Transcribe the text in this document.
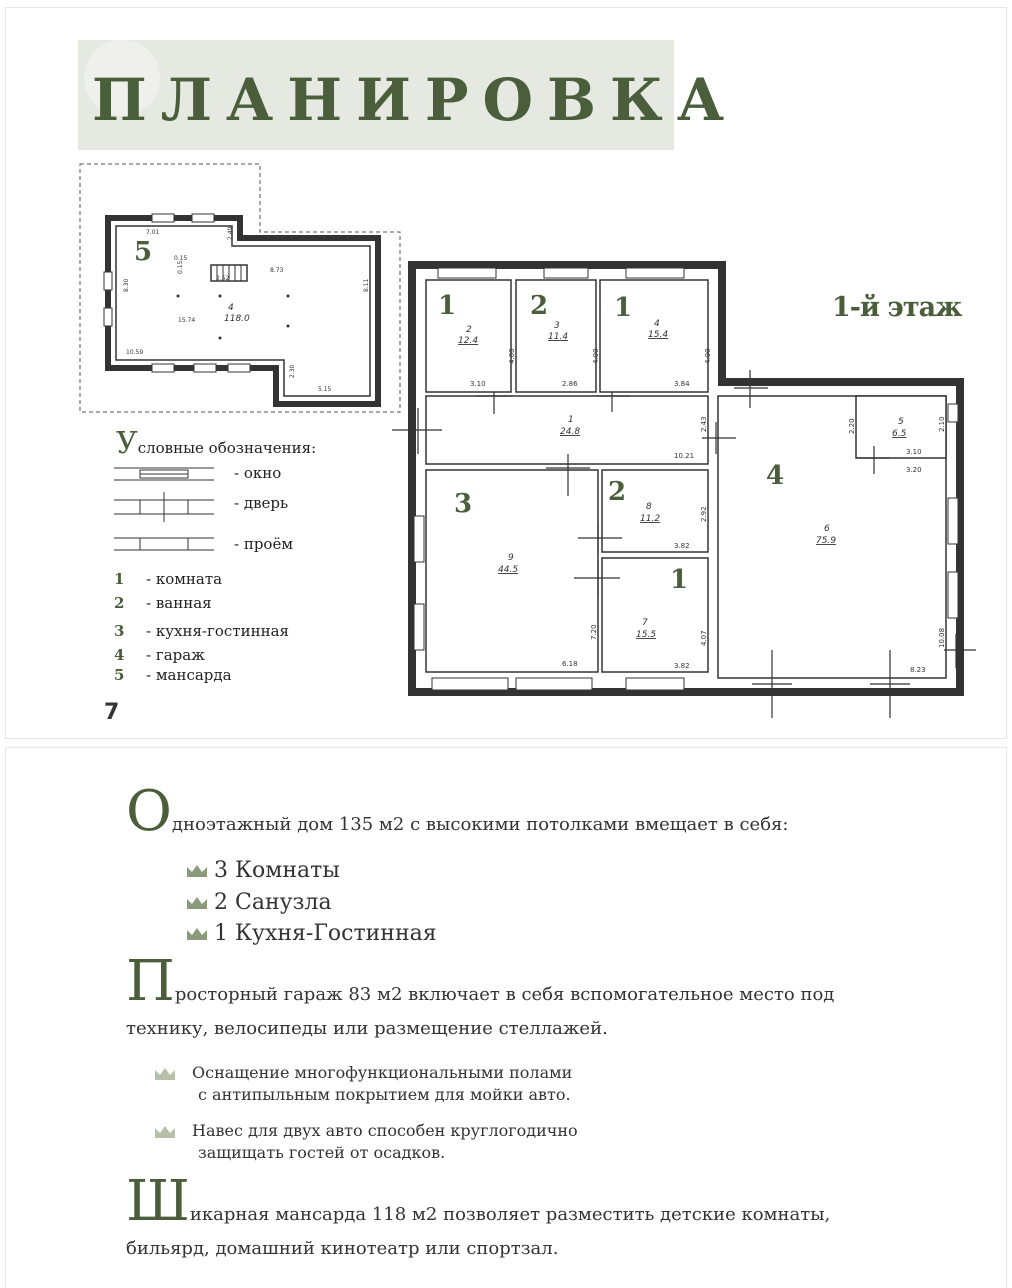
ПЛАНИРОВКА
5
4
118.0
7.01	2.49
0.15
0.15	8.73
2.52
8.30	8.11
15.74
10.59
2.30
5.15
1	2	1
3	2
1
4
2
12.4
3
11.4
4
15.4
1
24.8
9
44.5
8
11.2
7
15.5
6
75.9
5
6.5
4.00
3.10
4.00
2.86
4.00
3.84
2.43
10.21
7.20
6.18
2.92
3.82
4.07
3.82
10.08
8.23
2.10
3.10
2.20
3.20
1-й этаж
Условные обозначения:
- окно
- дверь
- проём
1 - комната
2 - ванная
3 - кухня-гостинная
4 - гараж
5 - мансарда
7
Одноэтажный дом 135 м2 с высокими потолками вмещает в себя:
3 Комнаты
2 Санузла
1 Кухня-Гостинная
Просторный гараж 83 м2 включает в себя вспомогательное место под
технику, велосипеды или размещение стеллажей.
Оснащение многофункциональными полами
с антипыльным покрытием для мойки авто.
Навес для двух авто способен круглогодично
защищать гостей от осадков.
Шикарная мансарда 118 м2 позволяет разместить детские комнаты,
бильярд, домашний кинотеатр или спортзал.
